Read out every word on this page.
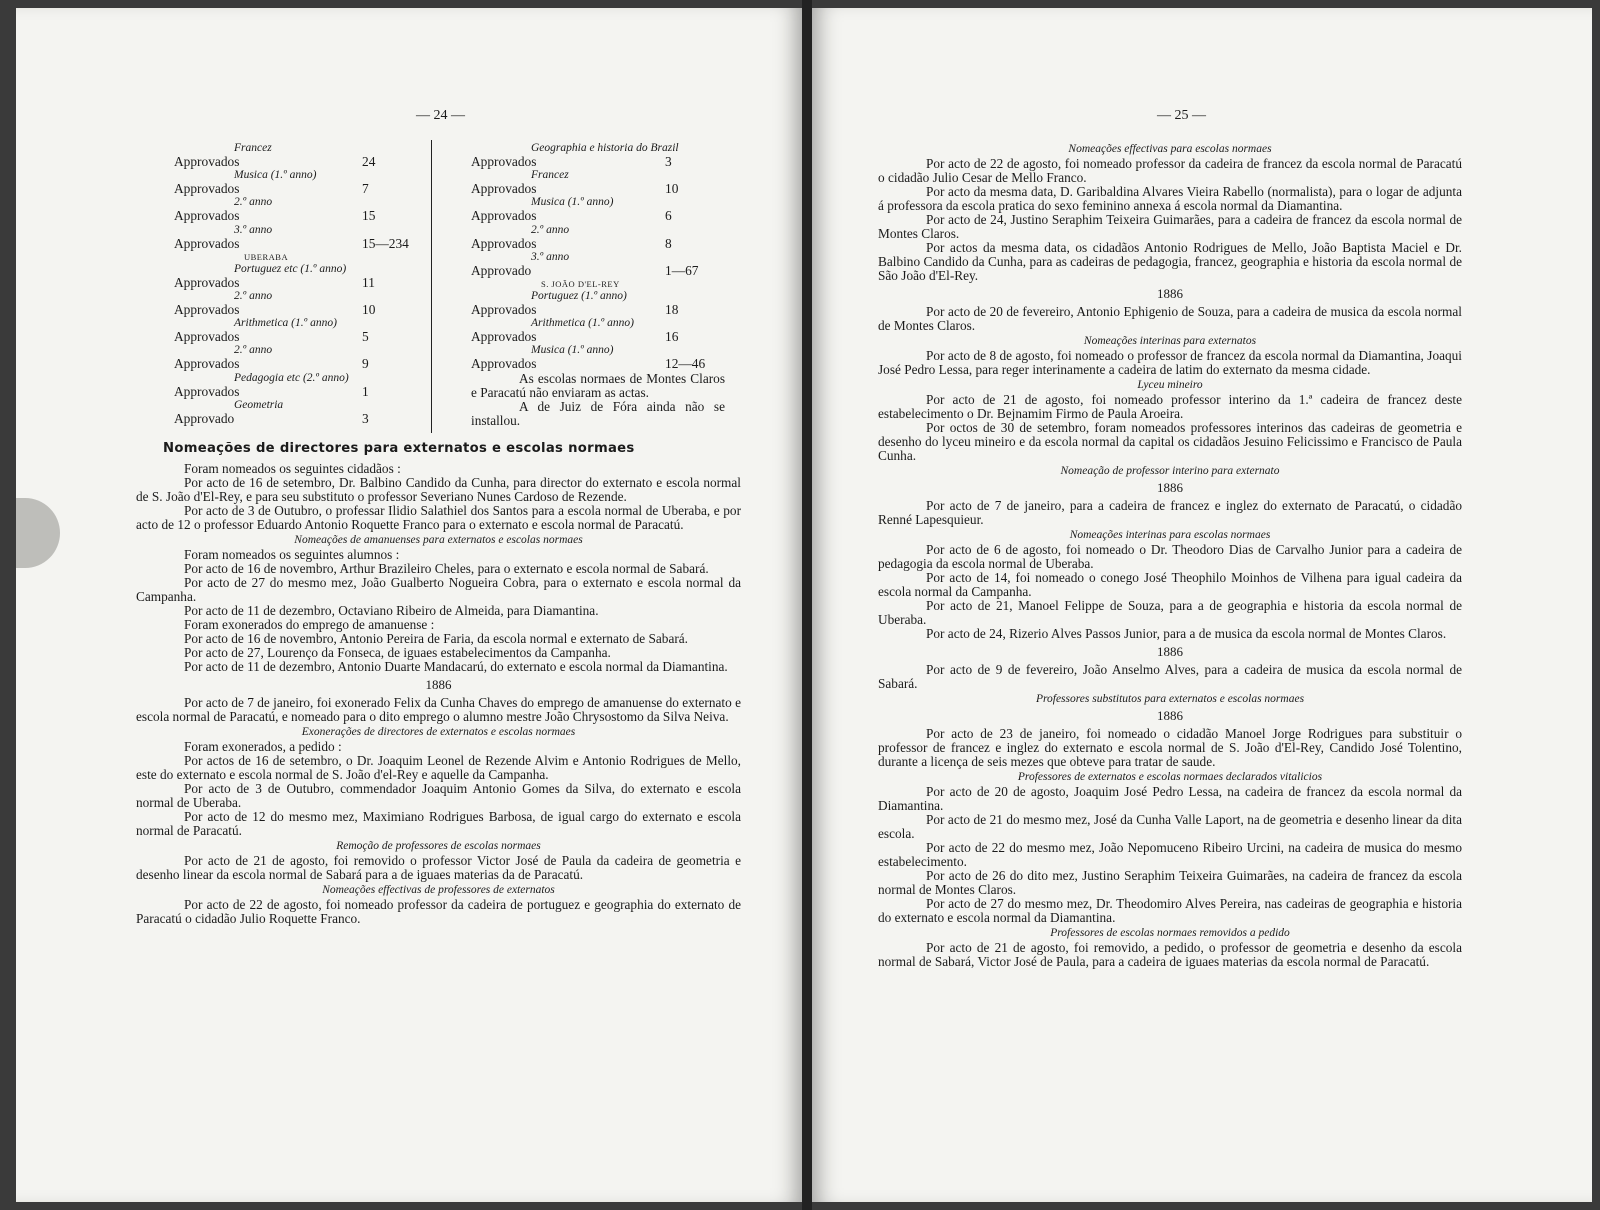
— 24 —
Francez
Approvados	24
Musica (1.º anno)
Approvados	7
2.º anno
Approvados	15
3.º anno
Approvados	15—234
UBERABA
Portuguez etc (1.º anno)
Approvados	11
2.º anno
Approvados	10
Arithmetica (1.º anno)
Approvados	5
2.º anno
Approvados	9
Pedagogia etc (2.º anno)
Approvados	1
Geometria
Approvado	3
Geographia e historia do Brazil
Approvados	3
Francez
Approvados	10
Musica (1.º anno)
Approvados	6
2.º anno
Approvados	8
3.º anno
Approvado	1—67
S. JOÃO D'EL-REY
Portuguez (1.º anno)
Approvados	18
Arithmetica (1.º anno)
Approvados	16
Musica (1.º anno)
Approvados	12—46

As escolas normaes de Montes Claros e Paracatú não enviaram as actas.

A de Juiz de Fóra ainda não se installou.

Nomeações de directores para externatos e escolas normaes

Foram nomeados os seguintes cidadãos :

Por acto de 16 de setembro, Dr. Balbino Candido da Cunha, para director do externato e escola normal de S. João d'El-Rey, e para seu substituto o professor Severiano Nunes Cardoso de Rezende.

Por acto de 3 de Outubro, o professar Ilidio Salathiel dos Santos para a escola normal de Uberaba, e por acto de 12 o professor Eduardo Antonio Roquette Franco para o externato e escola normal de Paracatú.

Nomeações de amanuenses para externatos e escolas normaes

Foram nomeados os seguintes alumnos :

Por acto de 16 de novembro, Arthur Brazileiro Cheles, para o externato e escola normal de Sabará.

Por acto de 27 do mesmo mez, João Gualberto Nogueira Cobra, para o externato e escola normal da Campanha.

Por acto de 11 de dezembro, Octaviano Ribeiro de Almeida, para Diamantina.

Foram exonerados do emprego de amanuense :

Por acto de 16 de novembro, Antonio Pereira de Faria, da escola normal e externato de Sabará.

Por acto de 27, Lourenço da Fonseca, de iguaes estabelecimentos da Campanha.

Por acto de 11 de dezembro, Antonio Duarte Mandacarú, do externato e escola normal da Diamantina.

1886

Por acto de 7 de janeiro, foi exonerado Felix da Cunha Chaves do emprego de amanuense do externato e escola normal de Paracatú, e nomeado para o dito emprego o alumno mestre João Chrysostomo da Silva Neiva.

Exonerações de directores de externatos e escolas normaes

Foram exonerados, a pedido :

Por actos de 16 de setembro, o Dr. Joaquim Leonel de Rezende Alvim e Antonio Rodrigues de Mello, este do externato e escola normal de S. João d'el-Rey e aquelle da Campanha.

Por acto de 3 de Outubro, commendador Joaquim Antonio Gomes da Silva, do externato e escola normal de Uberaba.

Por acto de 12 do mesmo mez, Maximiano Rodrigues Barbosa, de igual cargo do externato e escola normal de Paracatú.

Remoção de professores de escolas normaes

Por acto de 21 de agosto, foi removido o professor Victor José de Paula da cadeira de geometria e desenho linear da escola normal de Sabará para a de iguaes materias da de Paracatú.

Nomeações effectivas de professores de externatos

Por acto de 22 de agosto, foi nomeado professor da cadeira de portuguez e geographia do externato de Paracatú o cidadão Julio Roquette Franco.

— 25 —
Nomeações effectivas para escolas normaes

Por acto de 22 de agosto, foi nomeado professor da cadeira de francez da escola normal de Paracatú o cidadão Julio Cesar de Mello Franco.

Por acto da mesma data, D. Garibaldina Alvares Vieira Rabello (normalista), para o logar de adjunta á professora da escola pratica do sexo feminino annexa á escola normal da Diamantina.

Por acto de 24, Justino Seraphim Teixeira Guimarães, para a cadeira de francez da escola normal de Montes Claros.

Por actos da mesma data, os cidadãos Antonio Rodrigues de Mello, João Baptista Maciel e Dr. Balbino Candido da Cunha, para as cadeiras de pedagogia, francez, geographia e historia da escola normal de São João d'El-Rey.

1886

Por acto de 20 de fevereiro, Antonio Ephigenio de Souza, para a cadeira de musica da escola normal de Montes Claros.

Nomeações interinas para externatos

Por acto de 8 de agosto, foi nomeado o professor de francez da escola normal da Diamantina, Joaqui José Pedro Lessa, para reger interinamente a cadeira de latim do externato da mesma cidade.

Lyceu mineiro

Por acto de 21 de agosto, foi nomeado professor interino da 1.ª cadeira de francez deste estabelecimento o Dr. Bejnamim Firmo de Paula Aroeira.

Por octos de 30 de setembro, foram nomeados professores interinos das cadeiras de geometria e desenho do lyceu mineiro e da escola normal da capital os cidadãos Jesuino Felicissimo e Francisco de Paula Cunha.

Nomeação de professor interino para externato
1886

Por acto de 7 de janeiro, para a cadeira de francez e inglez do externato de Paracatú, o cidadão Renné Lapesquieur.

Nomeações interinas para escolas normaes

Por acto de 6 de agosto, foi nomeado o Dr. Theodoro Dias de Carvalho Junior para a cadeira de pedagogia da escola normal de Uberaba.

Por acto de 14, foi nomeado o conego José Theophilo Moinhos de Vilhena para igual cadeira da escola normal da Campanha.

Por acto de 21, Manoel Felippe de Souza, para a de geographia e historia da escola normal de Uberaba.

Por acto de 24, Rizerio Alves Passos Junior, para a de musica da escola normal de Montes Claros.

1886

Por acto de 9 de fevereiro, João Anselmo Alves, para a cadeira de musica da escola normal de Sabará.

Professores substitutos para externatos e escolas normaes
1886

Por acto de 23 de janeiro, foi nomeado o cidadão Manoel Jorge Rodrigues para substituir o professor de francez e inglez do externato e escola normal de S. João d'El-Rey, Candido José Tolentino, durante a licença de seis mezes que obteve para tratar de saude.

Professores de externatos e escolas normaes declarados vitalicios

Por acto de 20 de agosto, Joaquim José Pedro Lessa, na cadeira de francez da escola normal da Diamantina.

Por acto de 21 do mesmo mez, José da Cunha Valle Laport, na de geometria e desenho linear da dita escola.

Por acto de 22 do mesmo mez, João Nepomuceno Ribeiro Urcini, na cadeira de musica do mesmo estabelecimento.

Por acto de 26 do dito mez, Justino Seraphim Teixeira Guimarães, na cadeira de francez da escola normal de Montes Claros.

Por acto de 27 do mesmo mez, Dr. Theodomiro Alves Pereira, nas cadeiras de geographia e historia do externato e escola normal da Diamantina.

Professores de escolas normaes removidos a pedido

Por acto de 21 de agosto, foi removido, a pedido, o professor de geometria e desenho da escola normal de Sabará, Victor José de Paula, para a cadeira de iguaes materias da escola normal de Paracatú.
